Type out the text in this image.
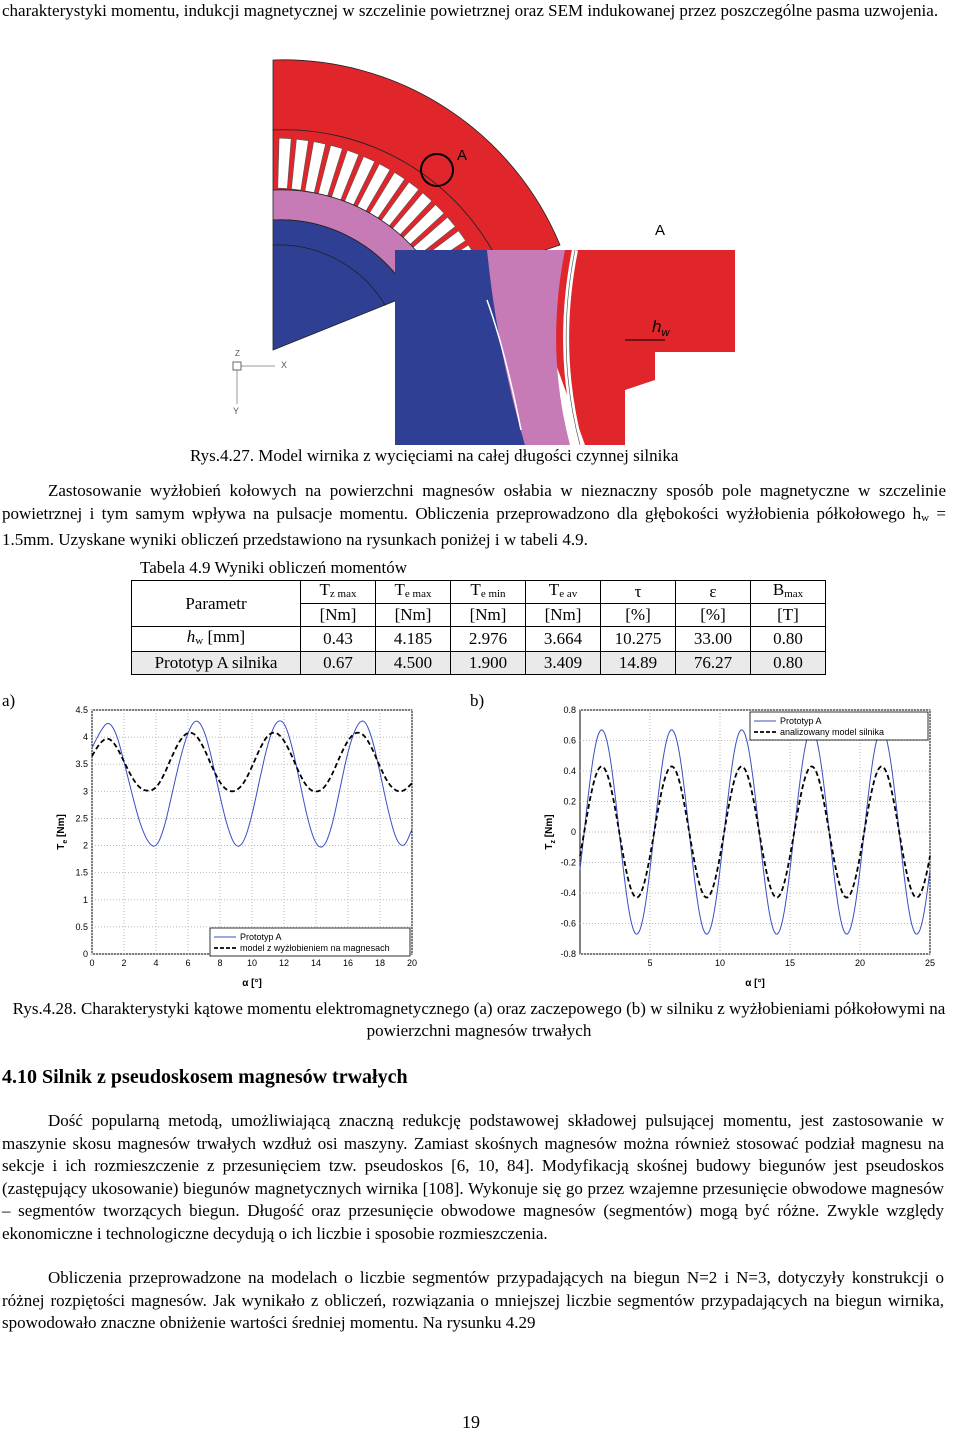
charakterystyki momentu, indukcji magnetycznej w szczelinie powietrznej oraz SEM indukowanej przez poszczególne pasma uzwojenia.

A
X
Y
Z
A
$h_w$
Rys.4.27. Model wirnika z wycięciami na całej długości czynnej silnika

Zastosowanie wyżłobień kołowych na powierzchni magnesów osłabia w nieznaczny sposób pole magnetyczne w szczelinie powietrznej i tym samym wpływa na pulsacje momentu. Obliczenia przeprowadzono dla głębokości wyżłobienia półkołowego $h_w = 1.5mm$. Uzyskane wyniki obliczeń przedstawiono na rysunkach poniżej i w tabeli 4.9.

Tabela 4.9 Wyniki obliczeń momentów
Parametr	$T_{z max}$	$T_{e max}$	$T_{e min}$	$T_{e av}$	τ	ε	$B_{max}$
	[Nm]	[Nm]	[Nm]	[Nm]	[%]	[%]	[T]
$h_w$ [mm]	0.43	4.185	2.976	3.664	10.275	33.00	0.80
Prototyp A silnika	0.67	4.500	1.900	3.409	14.89	76.27	0.80
a)	b)
0
0.5
1
1.5
2
2.5
3
3.5
4
4.5
0	2	4	6	8	10 12 14 16 18 20
Prototyp A
model z wyżłobieniem na magnesach
$T_e$ [Nm]
α [°]
-0.8
-0.6
-0.4
-0.2
0
0.2
0.4
0.6
0.8
5	10	15	20	25
Prototyp A
analizowany model silnika
$T_z$ [Nm]
α [°]
Rys.4.28. Charakterystyki kątowe momentu elektromagnetycznego (a) oraz zaczepowego (b) w silniku z wyżłobieniami półkołowymi na powierzchni magnesów trwałych
4.10 Silnik z pseudoskosem magnesów trwałych

Dość popularną metodą, umożliwiającą znaczną redukcję podstawowej składowej pulsującej momentu, jest zastosowanie w maszynie skosu magnesów trwałych wzdłuż osi maszyny. Zamiast skośnych magnesów można również stosować podział magnesu na sekcje i ich rozmieszczenie z przesunięciem tzw. pseudoskos [6, 10, 84]. Modyfikacją skośnej budowy biegunów jest pseudoskos (zastępujący ukosowanie) biegunów magnetycznych wirnika [108]. Wykonuje się go przez wzajemne przesunięcie obwodowe magnesów – segmentów tworzących biegun. Długość oraz przesunięcie obwodowe magnesów (segmentów) mogą być różne. Zwykle względy ekonomiczne i technologiczne decydują o ich liczbie i sposobie rozmieszczenia.

Obliczenia przeprowadzone na modelach o liczbie segmentów przypadających na biegun N=2 i N=3, dotyczyły konstrukcji o różnej rozpiętości magnesów. Jak wynikało z obliczeń, rozwiązania o mniejszej liczbie segmentów przypadających na biegun wirnika, spowodowało znaczne obniżenie wartości średniej momentu. Na rysunku 4.29

19
